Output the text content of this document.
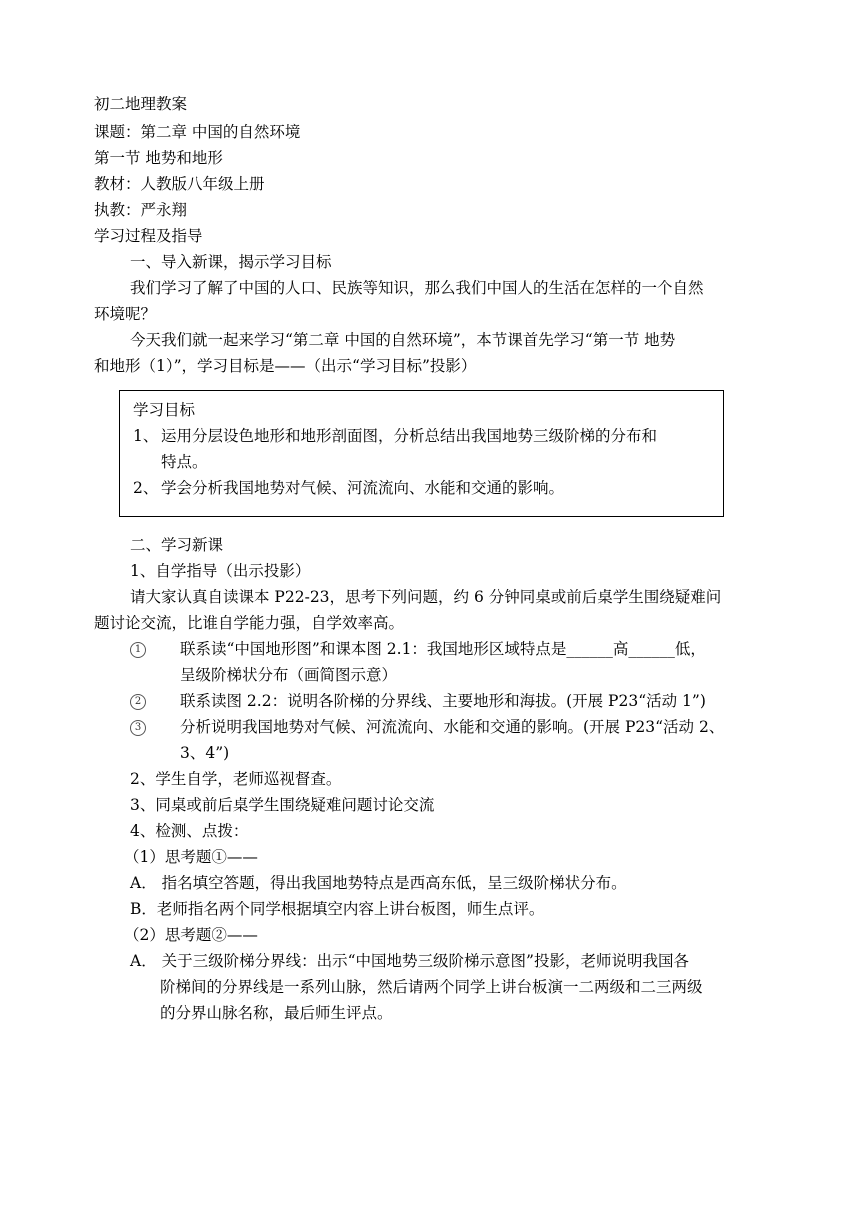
初二地理教案
课题：第二章 中国的自然环境
第一节 地势和地形
教材：人教版八年级上册
执教：严永翔
学习过程及指导
一、导入新课，揭示学习目标
我们学习了解了中国的人口、民族等知识，那么我们中国人的生活在怎样的一个自然
环境呢？
今天我们就一起来学习“第二章 中国的自然环境”，本节课首先学习“第一节 地势
和地形（1）”，学习目标是——（出示“学习目标”投影）
学习目标
1、 运用分层设色地形和地形剖面图，分析总结出我国地势三级阶梯的分布和
特点。
2、 学会分析我国地势对气候、河流流向、水能和交通的影响。
二、学习新课
1、自学指导（出示投影）
请大家认真自读课本 P22-23，思考下列问题，约 6 分钟同桌或前后桌学生围绕疑难问
题讨论交流，比谁自学能力强，自学效率高。
1	联系读“中国地形图”和课本图 2.1：我国地形区域特点是______高______低，
呈级阶梯状分布（画简图示意）
2	联系读图 2.2：说明各阶梯的分界线、主要地形和海拔。(开展 P23“活动 1”)
3	分析说明我国地势对气候、河流流向、水能和交通的影响。(开展 P23“活动 2、
3、4”)
2、学生自学，老师巡视督查。
3、同桌或前后桌学生围绕疑难问题讨论交流
4、检测、点拨：
（1）思考题①——
A． 指名填空答题，得出我国地势特点是西高东低，呈三级阶梯状分布。
B．老师指名两个同学根据填空内容上讲台板图，师生点评。
（2）思考题②——
A． 关于三级阶梯分界线：出示“中国地势三级阶梯示意图”投影，老师说明我国各
阶梯间的分界线是一系列山脉，然后请两个同学上讲台板演一二两级和二三两级
的分界山脉名称，最后师生评点。
